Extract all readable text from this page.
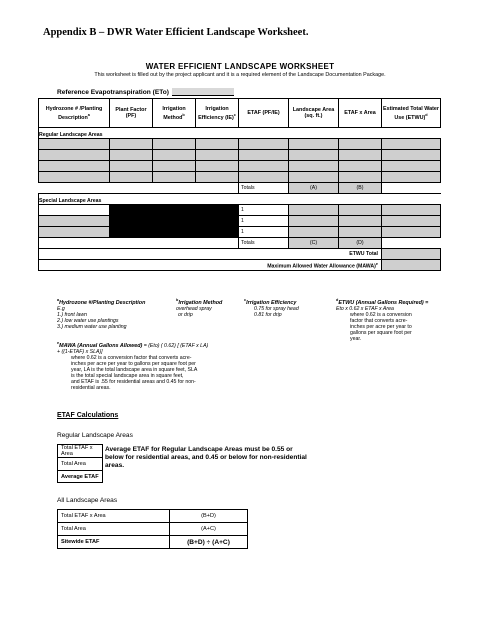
Appendix B – DWR Water Efficient Landscape Worksheet.
WATER EFFICIENT LANDSCAPE WORKSHEET
This worksheet is filled out by the project applicant and it is a required element of the Landscape Documentation Package.
Reference Evapotranspiration (ETo)
Hydrozone # /Planting Description$^a$	Plant Factor (PF)	Irrigation Method$^b$	Irrigation Efficiency (IE)$^c$	ETAF (PF/IE)	Landscape Area (sq. ft.)	ETAF x Area	Estimated Total Water Use (ETWU)$^d$
Regular Landscape Areas							

				Totals	(A)	(B)	
Special Landscape Areas							
				1			
				1			
				1			
				Totals	(C)	(D)	
ETWU Total							
Maximum Allowed Water Allowance (MAWA)$^e$	
$^a$Hydrozone #/Planting Description
E.g
1.) front lawn
2.) low water use plantings
3.) medium water use planting
$^b$Irrigation Method
overhead spray
or drip
$^c$Irrigation Efficiency
0.75 for spray head
0.81 for drip
$^d$ETWU (Annual Gallons Required) =
Eto x 0.62 x ETAF x Area

where 0.62 is a conversion
factor that converts acre-
inches per acre per year to
gallons per square foot per
year.
$^e$MAWA (Annual Gallons Allowed) = (Eto) ( 0.62) [ (ETAF x LA)
+ ((1-ETAF) x SLA)]

where 0.62 is a conversion factor that converts acre-
inches per acre per year to gallons per square foot per
year, LA is the total landscape area in square feet, SLA
is the total special landscape area in square feet,
and ETAF is .55 for residential areas and 0.45 for non-
residential areas.
ETAF Calculations
Regular Landscape Areas
Total ETAF x Area
Total Area
Average ETAF
Average ETAF for Regular Landscape Areas must be 0.55 or below for residential areas, and 0.45 or below for non-residential areas.
All Landscape Areas
Total ETAF x Area	(B+D)
Total Area	(A+C)
Sitewide ETAF	(B+D) ÷ (A+C)
